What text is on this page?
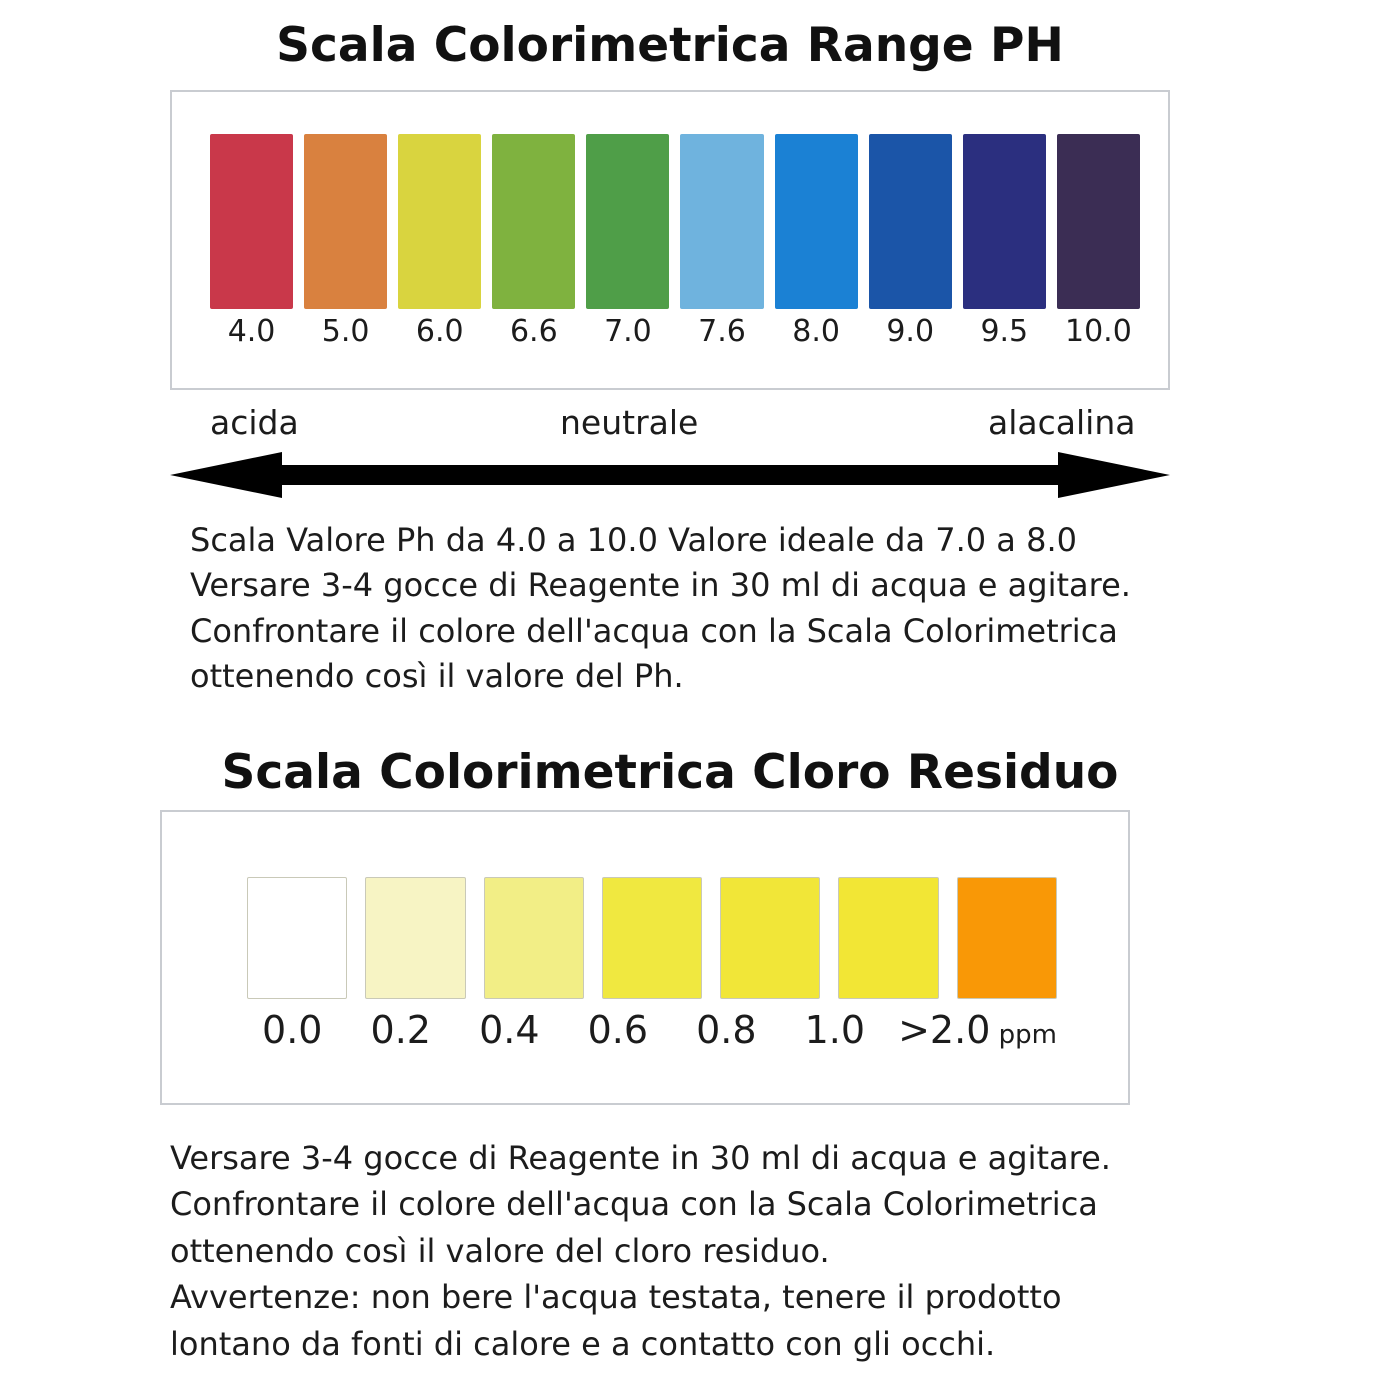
Scala Colorimetrica Range PH
4.0	5.0	6.0	6.6	7.0	7.6	8.0	9.0	9.5	10.0
acida	neutrale	alacalina

Scala Valore Ph da 4.0 a 10.0 Valore ideale da 7.0 a 8.0

Versare 3-4 gocce di Reagente in 30 ml di acqua e agitare.

Confrontare il colore dell'acqua con la Scala Colorimetrica

ottenendo così il valore del Ph.

Scala Colorimetrica Cloro Residuo
0.0	0.2	0.4	0.6	0.8	1.0 >2.0 ppm

Versare 3-4 gocce di Reagente in 30 ml di acqua e agitare.

Confrontare il colore dell'acqua con la Scala Colorimetrica

ottenendo così il valore del cloro residuo.

Avvertenze: non bere l'acqua testata, tenere il prodotto

lontano da fonti di calore e a contatto con gli occhi.
